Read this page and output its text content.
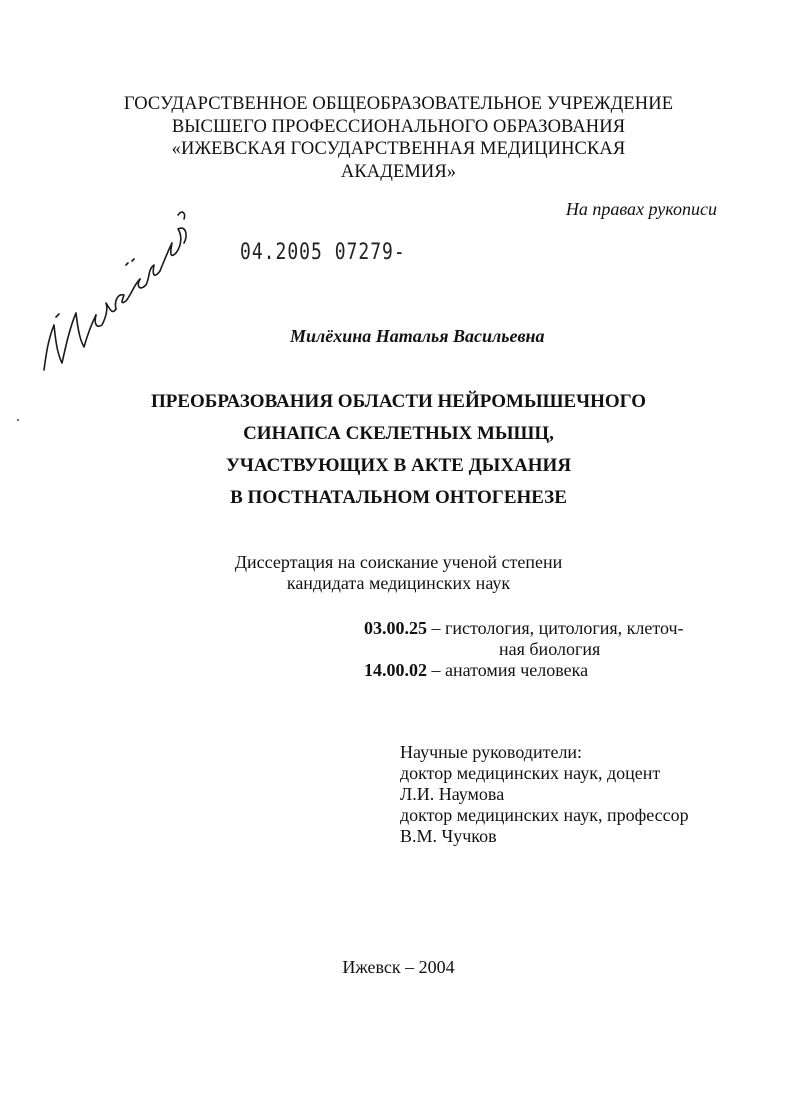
ГОСУДАРСТВЕННОЕ ОБЩЕОБРАЗОВАТЕЛЬНОЕ УЧРЕЖДЕНИЕ
ВЫСШЕГО ПРОФЕССИОНАЛЬНОГО ОБРАЗОВАНИЯ
«ИЖЕВСКАЯ ГОСУДАРСТВЕННАЯ МЕДИЦИНСКАЯ
АКАДЕМИЯ»
На правах рукописи
04.2005 07279-
Милёхина Наталья Васильевна
ПРЕОБРАЗОВАНИЯ ОБЛАСТИ НЕЙРОМЫШЕЧНОГО
СИНАПСА СКЕЛЕТНЫХ МЫШЦ,
УЧАСТВУЮЩИХ В АКТЕ ДЫХАНИЯ
В ПОСТНАТАЛЬНОМ ОНТОГЕНЕЗЕ
Диссертация на соискание ученой степени
кандидата медицинских наук
03.00.25 – гистология, цитология, клеточ-
ная биология
14.00.02 – анатомия человека
Научные руководители:
доктор медицинских наук, доцент
Л.И. Наумова
доктор медицинских наук, профессор
В.М. Чучков
Ижевск – 2004
